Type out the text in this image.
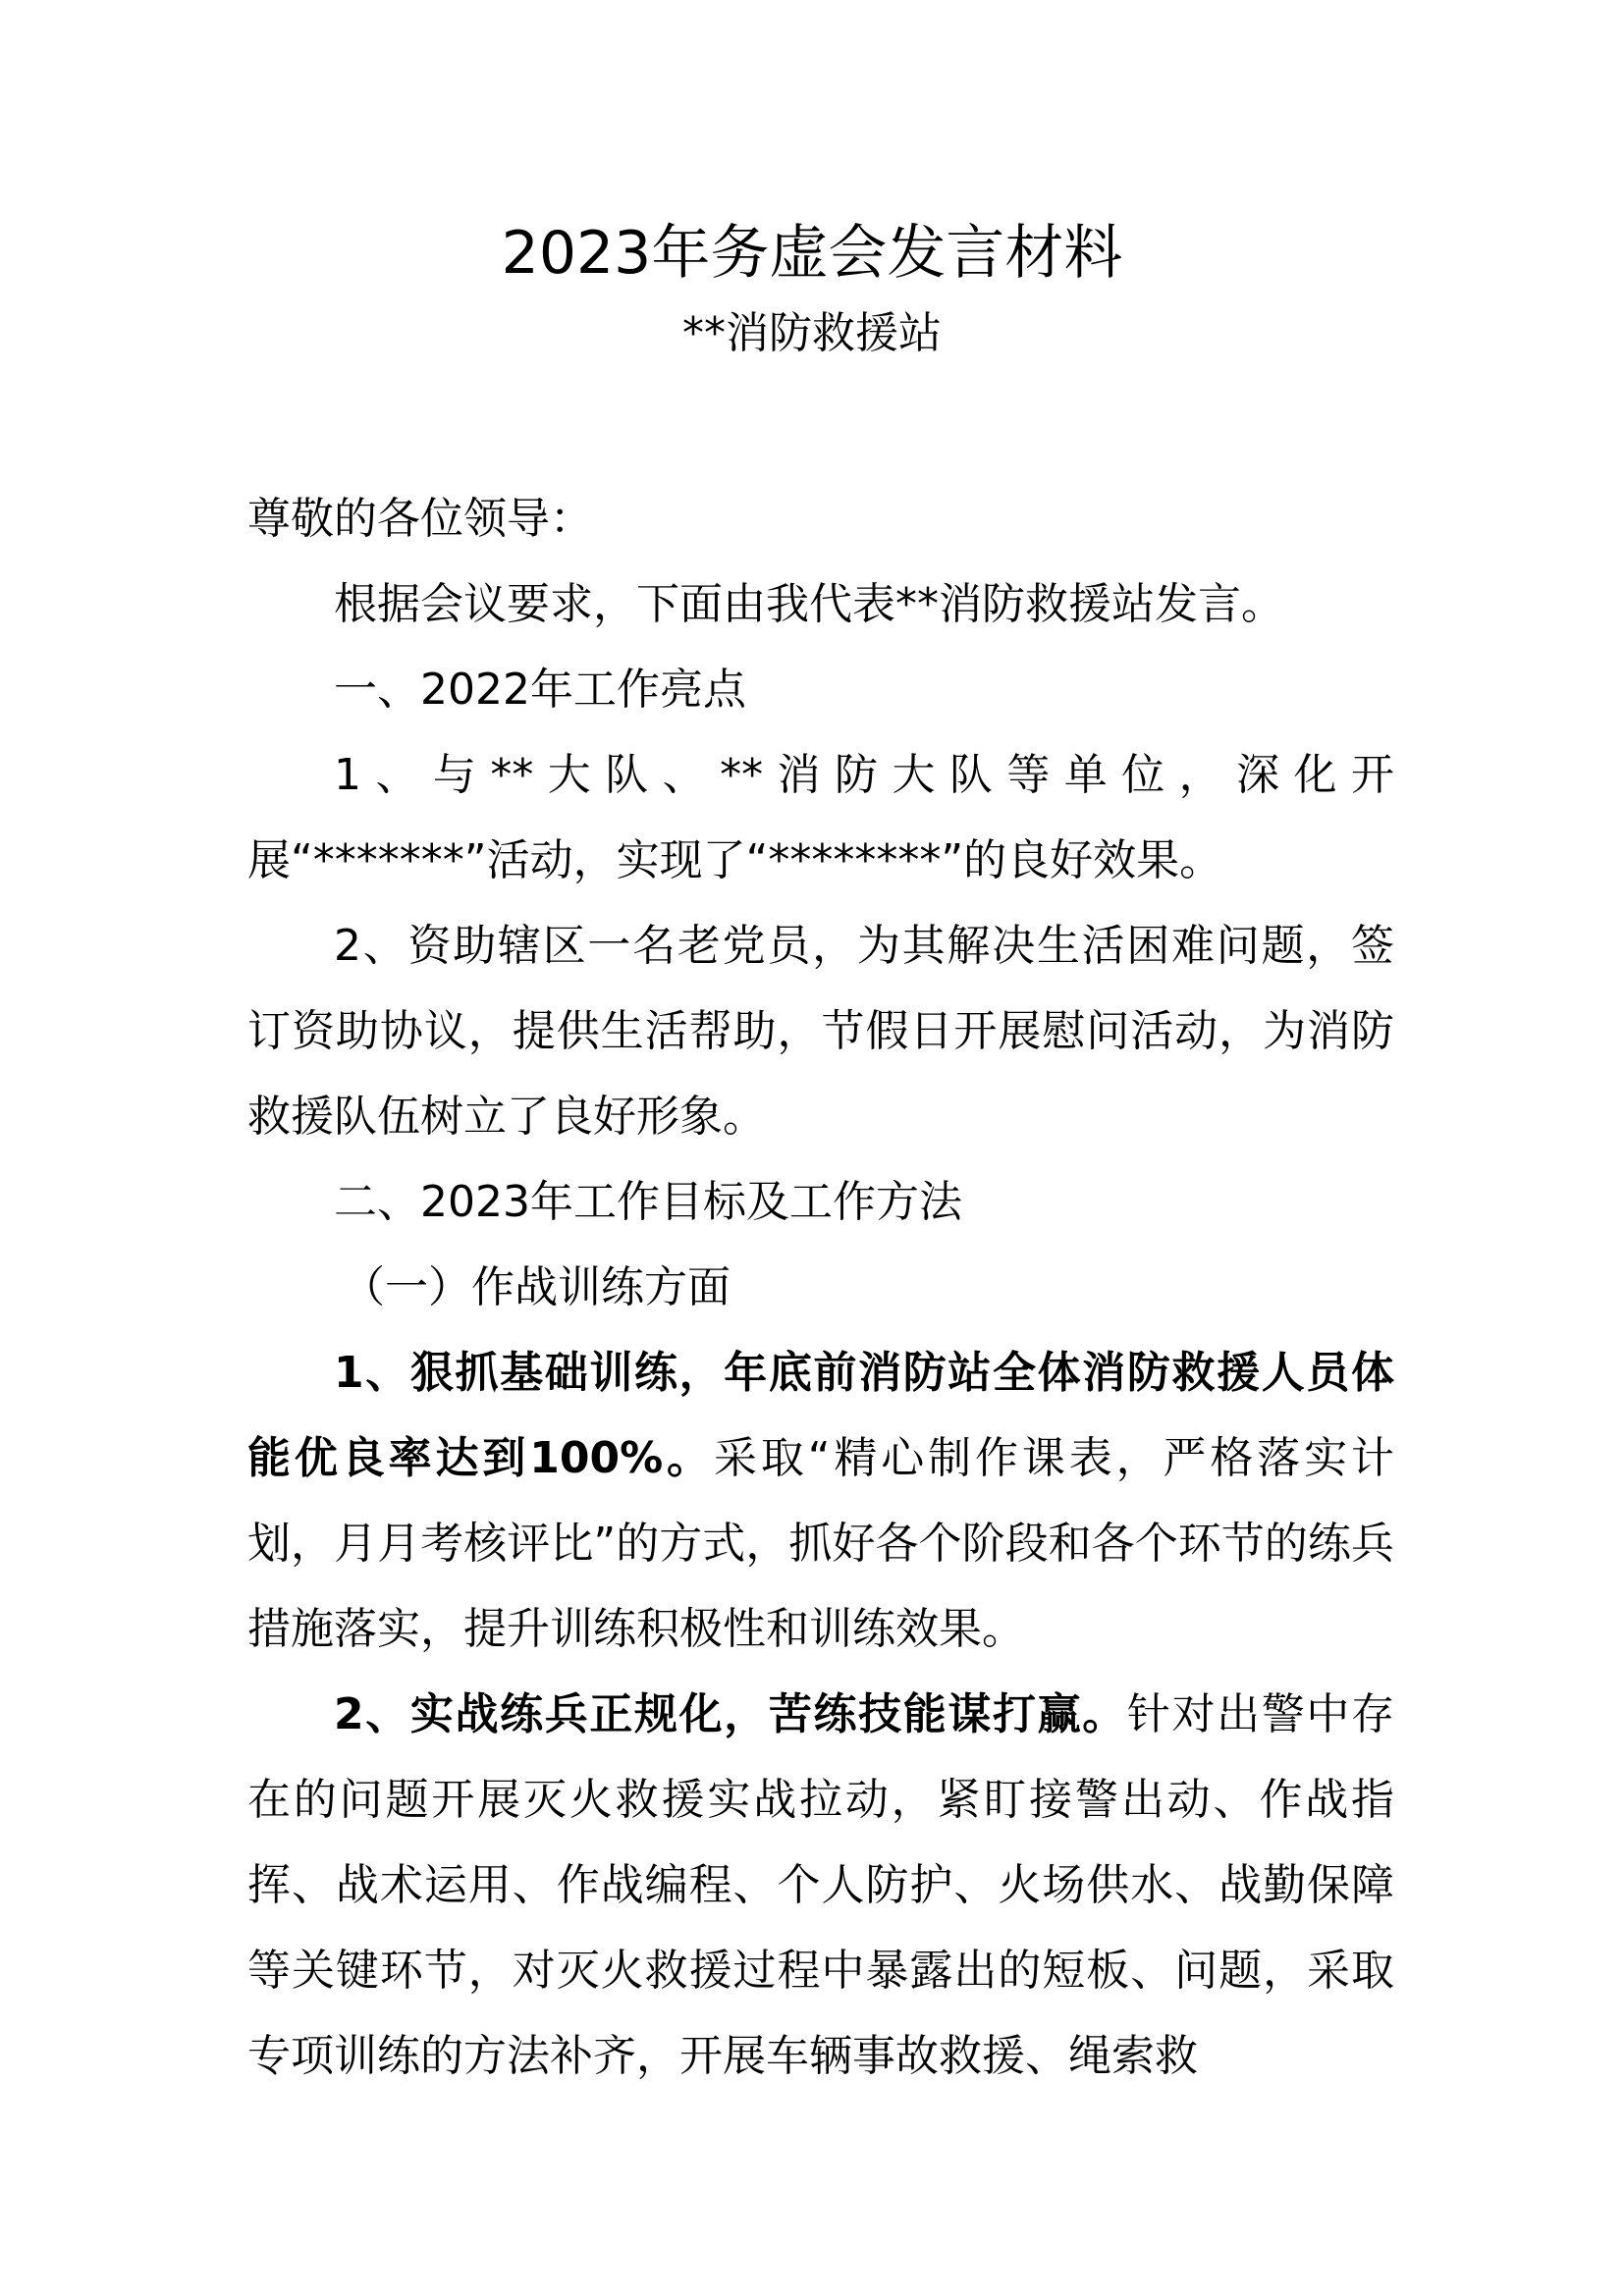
2023年务虚会发言材料
**消防救援站

尊敬的各位领导：

根据会议要求，下面由我代表**消防救援站发言。

一、2022年工作亮点

1、与**大队、**消防大队等单位，深化开展“*******”活动，实现了“********”的良好效果。

2、资助辖区一名老党员，为其解决生活困难问题，签订资助协议，提供生活帮助，节假日开展慰问活动，为消防救援队伍树立了良好形象。

二、2023年工作目标及工作方法

（一）作战训练方面

1、狠抓基础训练，年底前消防站全体消防救援人员体能优良率达到100%。采取“精心制作课表，严格落实计划，月月考核评比”的方式，抓好各个阶段和各个环节的练兵措施落实，提升训练积极性和训练效果。

2、实战练兵正规化，苦练技能谋打赢。针对出警中存在的问题开展灭火救援实战拉动，紧盯接警出动、作战指挥、战术运用、作战编程、个人防护、火场供水、战勤保障等关键环节，对灭火救援过程中暴露出的短板、问题，采取专项训练的方法补齐，开展车辆事故救援、绳索救
